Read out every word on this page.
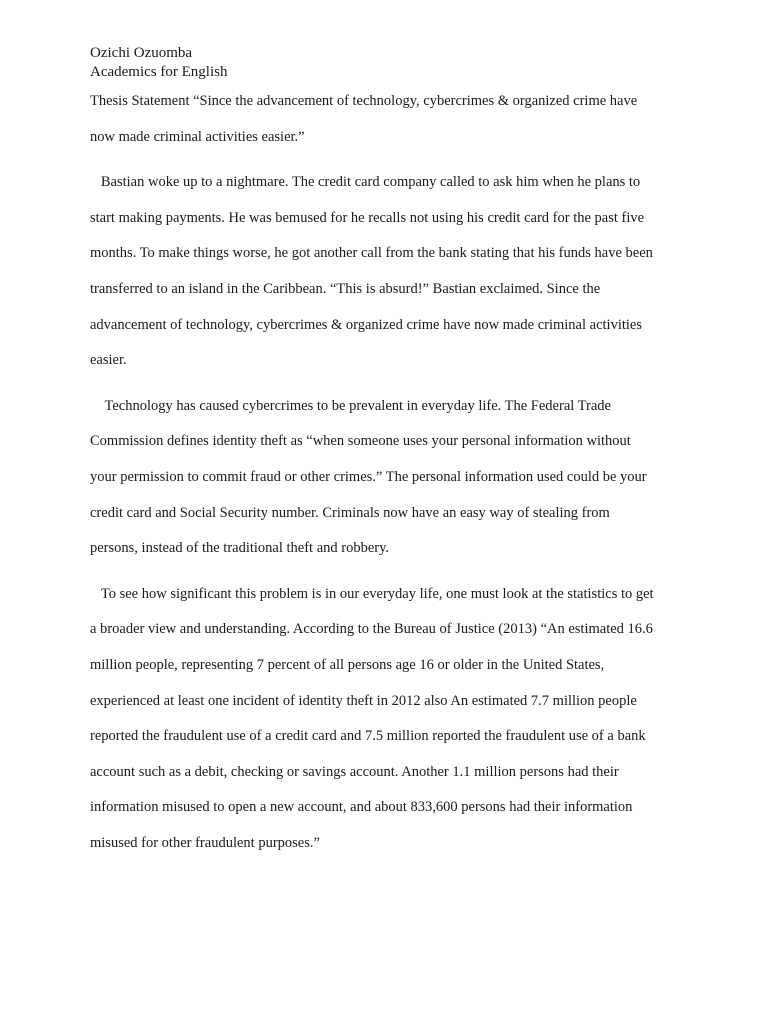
Ozichi Ozuomba

Academics for English

Thesis Statement “Since the advancement of technology, cybercrimes & organized crime have
now made criminal activities easier.”

Bastian woke up to a nightmare. The credit card company called to ask him when he plans to
start making payments. He was bemused for he recalls not using his credit card for the past five
months. To make things worse, he got another call from the bank stating that his funds have been
transferred to an island in the Caribbean. “This is absurd!” Bastian exclaimed. Since the
advancement of technology, cybercrimes & organized crime have now made criminal activities
easier.

Technology has caused cybercrimes to be prevalent in everyday life. The Federal Trade
Commission defines identity theft as “when someone uses your personal information without
your permission to commit fraud or other crimes.” The personal information used could be your
credit card and Social Security number. Criminals now have an easy way of stealing from
persons, instead of the traditional theft and robbery.

To see how significant this problem is in our everyday life, one must look at the statistics to get
a broader view and understanding. According to the Bureau of Justice (2013) “An estimated 16.6
million people, representing 7 percent of all persons age 16 or older in the United States,
experienced at least one incident of identity theft in 2012 also An estimated 7.7 million people
reported the fraudulent use of a credit card and 7.5 million reported the fraudulent use of a bank
account such as a debit, checking or savings account. Another 1.1 million persons had their
information misused to open a new account, and about 833,600 persons had their information
misused for other fraudulent purposes.”
